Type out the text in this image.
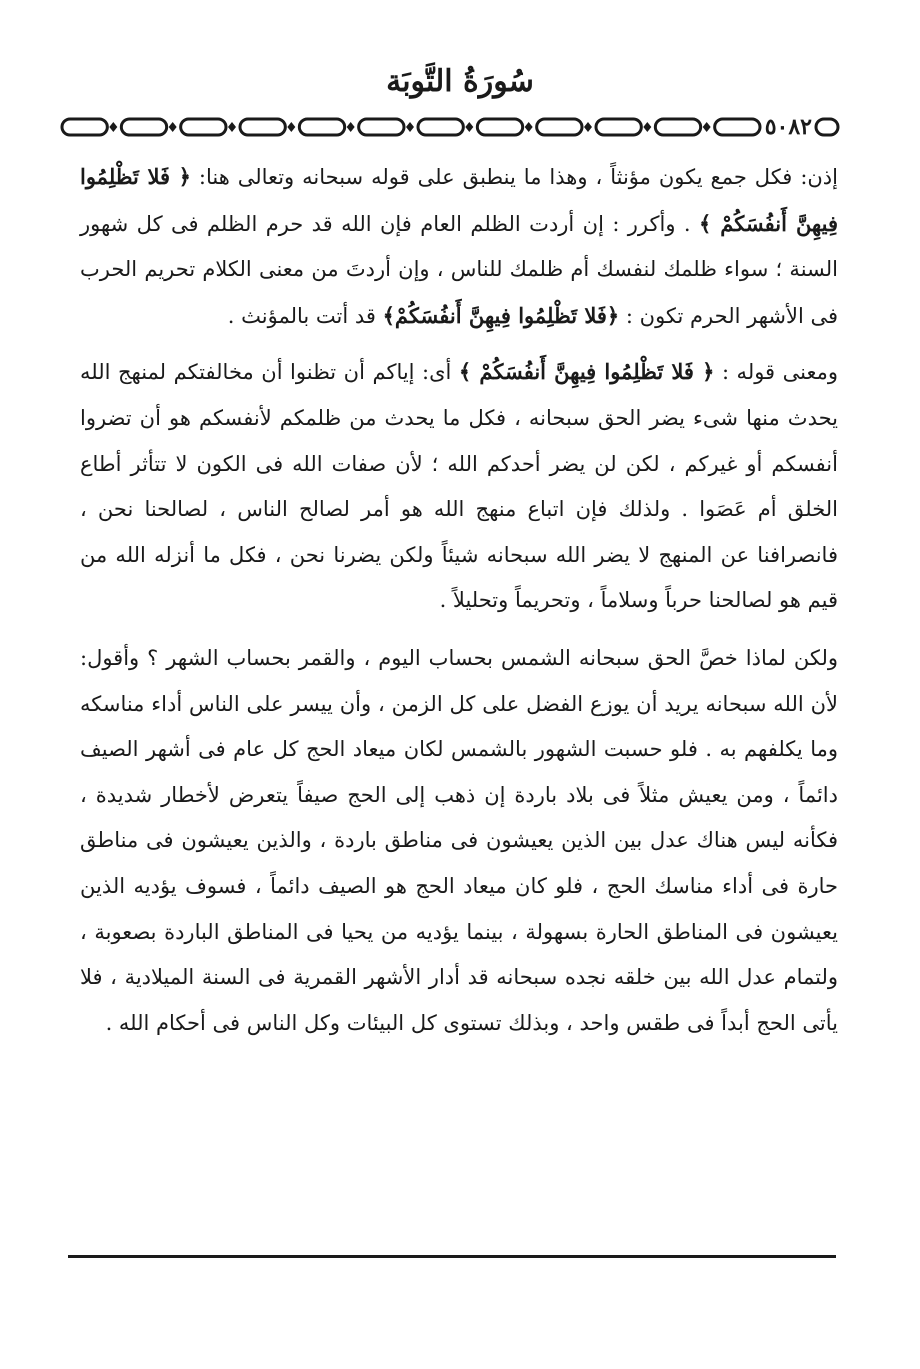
سُورَةُ التَّوبَة
٥٠٨٢

إذن: فكل جمع يكون مؤنثاً ، وهذا ما ينطبق على قوله سبحانه وتعالى هنا: ﴿ فَلا تَظْلِمُوا فِيهِنَّ أَنفُسَكُمْ ﴾ . وأكرر : إن أردت الظلم العام فإن الله قد حرم الظلم فى كل شهور السنة ؛ سواء ظلمك لنفسك أم ظلمك للناس ، وإن أردتَ من معنى الكلام تحريم الحرب فى الأشهر الحرم تكون : ﴿فَلا تَظْلِمُوا فِيهِنَّ أَنفُسَكُمْ﴾ قد أتت بالمؤنث .

ومعنى قوله : ﴿ فَلا تَظْلِمُوا فِيهِنَّ أَنفُسَكُمْ ﴾ أى: إياكم أن تظنوا أن مخالفتكم لمنهج الله يحدث منها شىء يضر الحق سبحانه ، فكل ما يحدث من ظلمكم لأنفسكم هو أن تضروا أنفسكم أو غيركم ، لكن لن يضر أحدكم الله ؛ لأن صفات الله فى الكون لا تتأثر أطاع الخلق أم عَصَوا . ولذلك فإن اتباع منهج الله هو أمر لصالح الناس ، لصالحنا نحن ، فانصرافنا عن المنهج لا يضر الله سبحانه شيئاً ولكن يضرنا نحن ، فكل ما أنزله الله من قيم هو لصالحنا حرباً وسلاماً ، وتحريماً وتحليلاً .

ولكن لماذا خصَّ الحق سبحانه الشمس بحساب اليوم ، والقمر بحساب الشهر ؟ وأقول: لأن الله سبحانه يريد أن يوزع الفضل على كل الزمن ، وأن ييسر على الناس أداء مناسكه وما يكلفهم به . فلو حسبت الشهور بالشمس لكان ميعاد الحج كل عام فى أشهر الصيف دائماً ، ومن يعيش مثلاً فى بلاد باردة إن ذهب إلى الحج صيفاً يتعرض لأخطار شديدة ، فكأنه ليس هناك عدل بين الذين يعيشون فى مناطق باردة ، والذين يعيشون فى مناطق حارة فى أداء مناسك الحج ، فلو كان ميعاد الحج هو الصيف دائماً ، فسوف يؤديه الذين يعيشون فى المناطق الحارة بسهولة ، بينما يؤديه من يحيا فى المناطق الباردة بصعوبة ، ولتمام عدل الله بين خلقه نجده سبحانه قد أدار الأشهر القمرية فى السنة الميلادية ، فلا يأتى الحج أبداً فى طقس واحد ، وبذلك تستوى كل البيئات وكل الناس فى أحكام الله .
